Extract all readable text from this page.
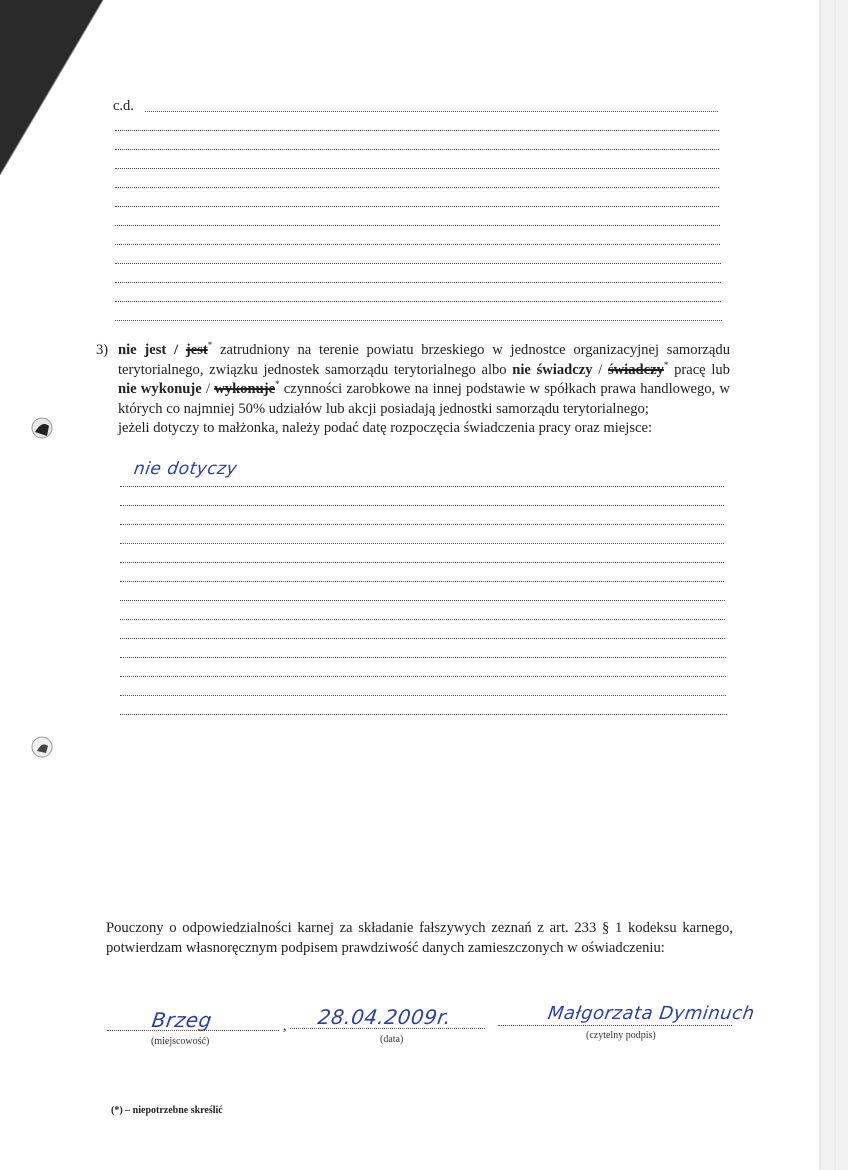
c.d.
3) nie jest / jest* zatrudniony na terenie powiatu brzeskiego w jednostce organizacyjnej samorządu terytorialnego, związku jednostek samorządu terytorialnego albo nie świadczy / świadczy* pracę lub nie wykonuje / wykonuje* czynności zarobkowe na innej podstawie w spółkach prawa handlowego, w których co najmniej 50% udziałów lub akcji posiadają jednostki samorządu terytorialnego;
jeżeli dotyczy to małżonka, należy podać datę rozpoczęcia świadczenia pracy oraz miejsce:
nie dotyczy
Pouczony o odpowiedzialności karnej za składanie fałszywych zeznań z art. 233 § 1 kodeksu karnego, potwierdzam własnoręcznym podpisem prawdziwość danych zamieszczonych w oświadczeniu:
Brzeg
(miejscowość)
, 28.04.2009r.
(data)
Małgorzata Dyminuch
(czytelny podpis)
(*) – niepotrzebne skreślić
